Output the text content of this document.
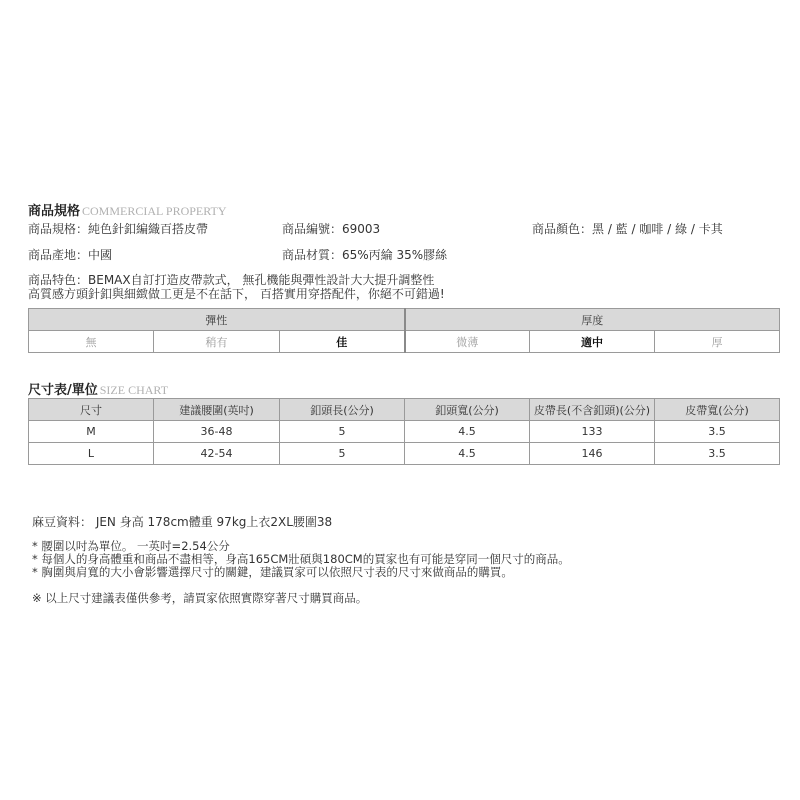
商品規格 COMMERCIAL PROPERTY
商品規格：純色針釦編織百搭皮帶	商品編號：69003	商品顏色：黑 / 藍 / 咖啡 / 綠 / 卡其
商品產地：中國	商品材質：65%丙綸 35%膠絲
商品特色：BEMAX自訂打造皮帶款式， 無孔機能與彈性設計大大提升調整性
高質感方頭針釦與細緻做工更是不在話下， 百搭實用穿搭配件，你絕不可錯過!
彈性			厚度		
無	稍有	佳	微薄	適中	厚
尺寸表/單位 SIZE CHART
尺寸	建議腰圍(英吋)	釦頭長(公分)	釦頭寬(公分)	皮帶長(不含釦頭)(公分)	皮帶寬(公分)
M	36-48	5	4.5	133	3.5
L	42-54	5	4.5	146	3.5
麻豆資料： JEN 身高 178cm體重 97kg上衣2XL腰圍38
* 腰圍以吋為單位。 一英吋=2.54公分
* 每個人的身高體重和商品不盡相等，身高165CM壯碩與180CM的買家也有可能是穿同一個尺寸的商品。
* 胸圍與肩寬的大小會影響選擇尺寸的關鍵，建議買家可以依照尺寸表的尺寸來做商品的購買。
※ 以上尺寸建議表僅供參考，請買家依照實際穿著尺寸購買商品。
